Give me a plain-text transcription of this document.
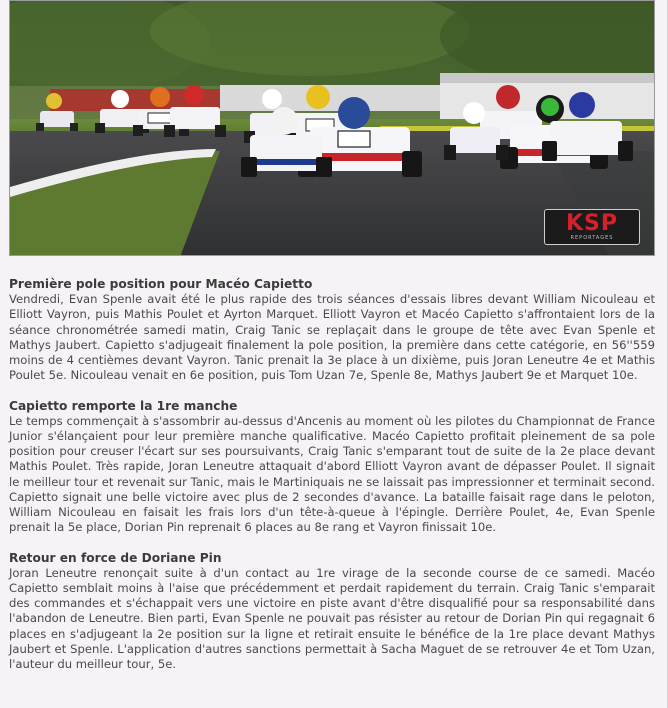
KSP
REPORTAGES
Première pole position pour Macéo Capietto

Vendredi, Evan Spenle avait été le plus rapide des trois séances d'essais libres devant William Nicouleau et Elliott Vayron, puis Mathis Poulet et Ayrton Marquet. Elliott Vayron et Macéo Capietto s'affrontaient lors de la séance chronométrée samedi matin, Craig Tanic se replaçait dans le groupe de tête avec Evan Spenle et Mathys Jaubert. Capietto s'adjugeait finalement la pole position, la première dans cette catégorie, en 56''559 moins de 4 centièmes devant Vayron. Tanic prenait la 3e place à un dixième, puis Joran Leneutre 4e et Mathis Poulet 5e. Nicouleau venait en 6e position, puis Tom Uzan 7e, Spenle 8e, Mathys Jaubert 9e et Marquet 10e.

Capietto remporte la 1re manche

Le temps commençait à s'assombrir au-dessus d'Ancenis au moment où les pilotes du Championnat de France Junior s'élançaient pour leur première manche qualificative. Macéo Capietto profitait pleinement de sa pole position pour creuser l'écart sur ses poursuivants, Craig Tanic s'emparant tout de suite de la 2e place devant Mathis Poulet. Très rapide, Joran Leneutre attaquait d'abord Elliott Vayron avant de dépasser Poulet. Il signait le meilleur tour et revenait sur Tanic, mais le Martiniquais ne se laissait pas impressionner et terminait second. Capietto signait une belle victoire avec plus de 2 secondes d'avance. La bataille faisait rage dans le peloton, William Nicouleau en faisait les frais lors d'un tête-à-queue à l'épingle. Derrière Poulet, 4e, Evan Spenle prenait la 5e place, Dorian Pin reprenait 6 places au 8e rang et Vayron finissait 10e.

Retour en force de Doriane Pin

Joran Leneutre renonçait suite à d'un contact au 1re virage de la seconde course de ce samedi. Macéo Capietto semblait moins à l'aise que précédemment et perdait rapidement du terrain. Craig Tanic s'emparait des commandes et s'échappait vers une victoire en piste avant d'être disqualifié pour sa responsabilité dans l'abandon de Leneutre. Bien parti, Evan Spenle ne pouvait pas résister au retour de Dorian Pin qui regagnait 6 places en s'adjugeant la 2e position sur la ligne et retirait ensuite le bénéfice de la 1re place devant Mathys Jaubert et Spenle. L'application d'autres sanctions permettait à Sacha Maguet de se retrouver 4e et Tom Uzan, l'auteur du meilleur tour, 5e.
